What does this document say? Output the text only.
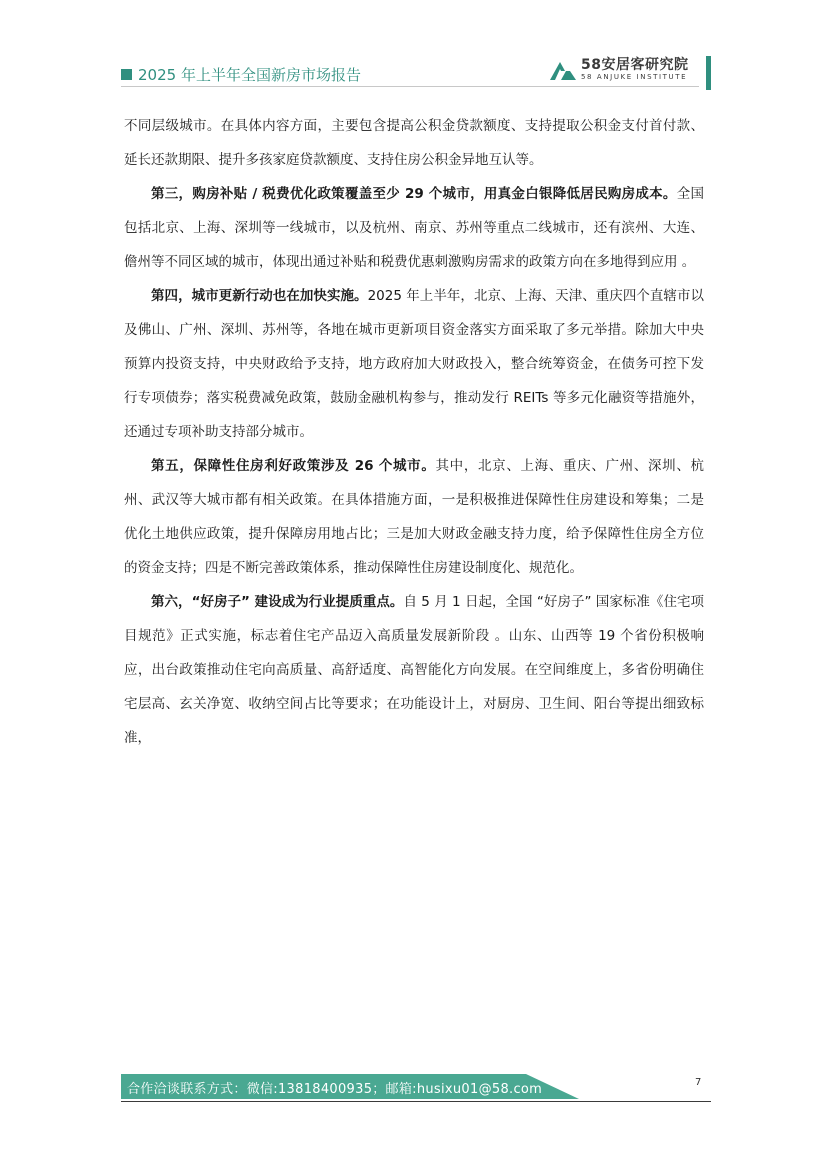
2025 年上半年全国新房市场报告
58安居客研究院
58 ANJUKE INSTITUTE

不同层级城市。在具体内容方面，主要包含提高公积金贷款额度、支持提取公积金支付首付款、延长还款期限、提升多孩家庭贷款额度、支持住房公积金异地互认等。

第三，购房补贴 / 税费优化政策覆盖至少 29 个城市，用真金白银降低居民购房成本。全国包括北京、上海、深圳等一线城市，以及杭州、南京、苏州等重点二线城市，还有滨州、大连、儋州等不同区域的城市，体现出通过补贴和税费优惠刺激购房需求的政策方向在多地得到应用 。

第四，城市更新行动也在加快实施。2025 年上半年，北京、上海、天津、重庆四个直辖市以及佛山、广州、深圳、苏州等，各地在城市更新项目资金落实方面采取了多元举措。除加大中央预算内投资支持，中央财政给予支持，地方政府加大财政投入，整合统筹资金，在债务可控下发行专项债券；落实税费减免政策，鼓励金融机构参与，推动发行 REITs 等多元化融资等措施外，还通过专项补助支持部分城市。

第五，保障性住房利好政策涉及 26 个城市。其中，北京、上海、重庆、广州、深圳、杭州、武汉等大城市都有相关政策。在具体措施方面，一是积极推进保障性住房建设和筹集；二是优化土地供应政策，提升保障房用地占比；三是加大财政金融支持力度，给予保障性住房全方位的资金支持；四是不断完善政策体系，推动保障性住房建设制度化、规范化。

第六，“好房子” 建设成为行业提质重点。自 5 月 1 日起，全国 “好房子” 国家标准《住宅项目规范》正式实施，标志着住宅产品迈入高质量发展新阶段 。山东、山西等 19 个省份积极响应，出台政策推动住宅向高质量、高舒适度、高智能化方向发展。在空间维度上，多省份明确住宅层高、玄关净宽、收纳空间占比等要求；在功能设计上，对厨房、卫生间、阳台等提出细致标准，

合作洽谈联系方式：微信:13818400935；邮箱:husixu01@58.com	7
